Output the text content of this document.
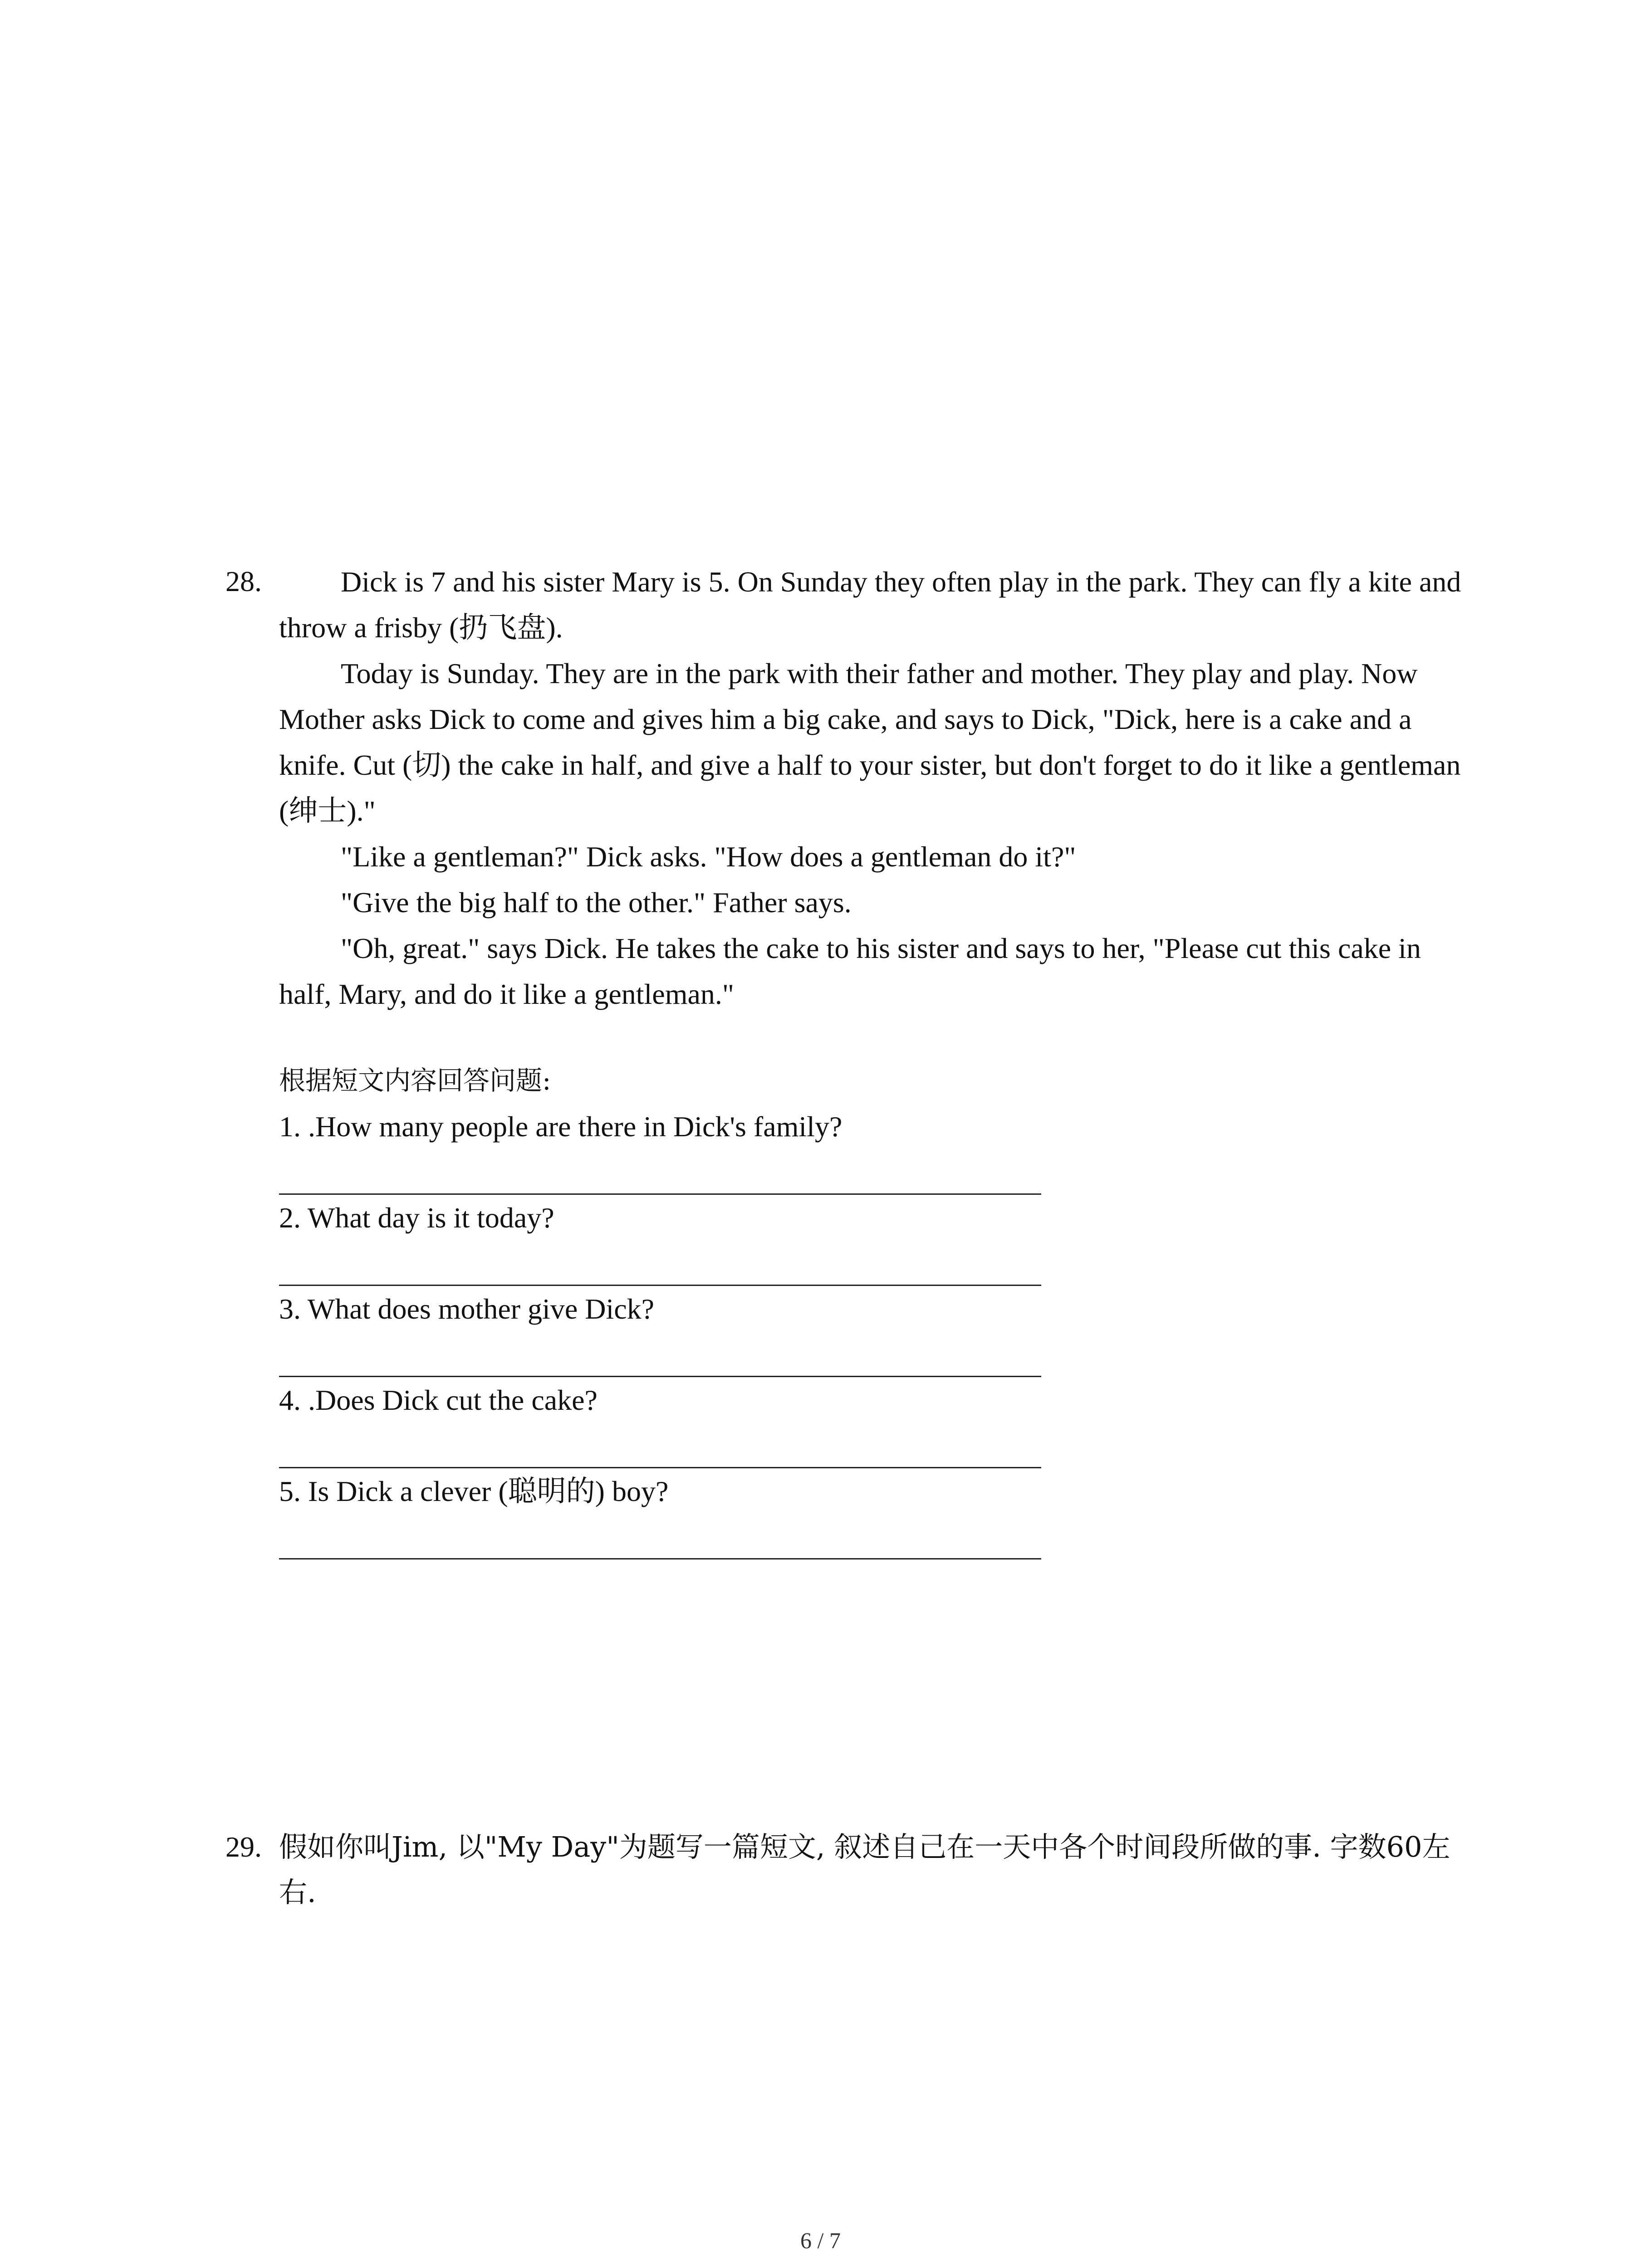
28.	Dick is 7 and his sister Mary is 5. On Sunday they often play in the park. They can fly a kite and throw a frisby (扔飞盘).

Today is Sunday. They are in the park with their father and mother. They play and play. Now Mother asks Dick to come and gives him a big cake, and says to Dick, "Dick, here is a cake and a knife. Cut (切) the cake in half, and give a half to your sister, but don't forget to do it like a gentleman (绅士)."

"Like a gentleman?" Dick asks. "How does a gentleman do it?"

"Give the big half to the other." Father says.

"Oh, great." says Dick. He takes the cake to his sister and says to her, "Please cut this cake in half, Mary, and do it like a gentleman."

根据短文内容回答问题:
1. .How many people are there in Dick's family?
2. What day is it today?
3. What does mother give Dick?
4. .Does Dick cut the cake?
5. Is Dick a clever (聪明的) boy?
29. 假如你叫Jim, 以"My Day"为题写一篇短文, 叙述自己在一天中各个时间段所做的事. 字数60左右.
6 / 7
